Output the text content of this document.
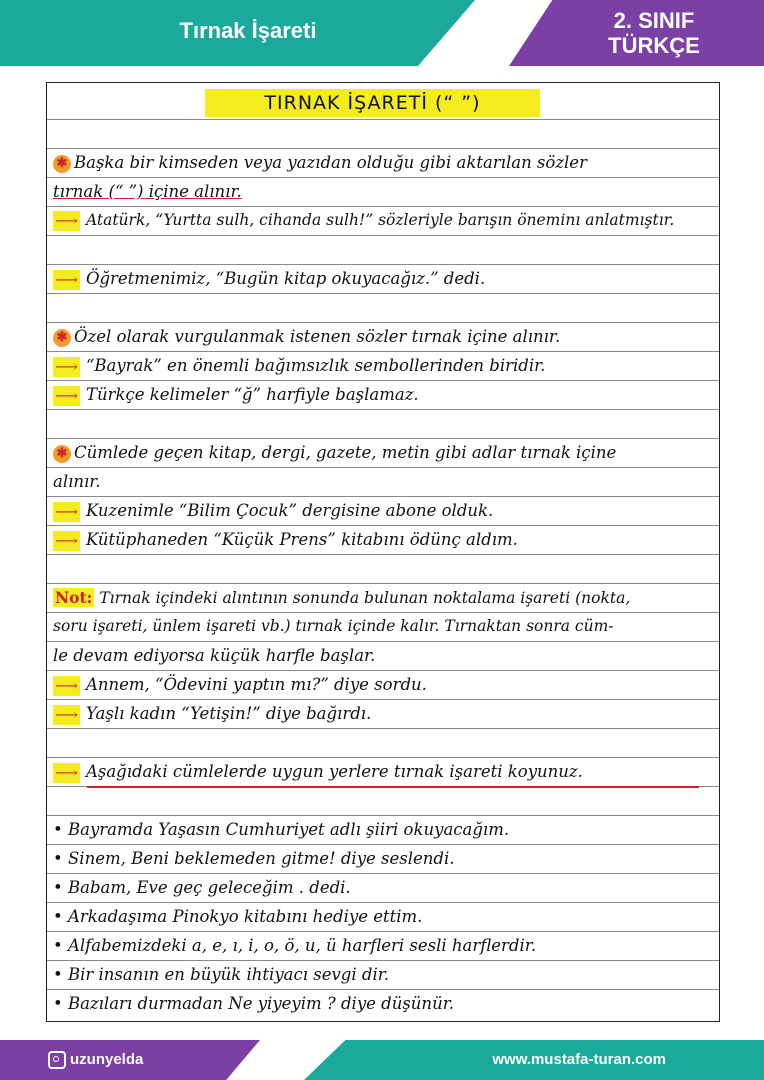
Tırnak İşareti	2. SINIF
TÜRKÇE
TIRNAK İŞARETİ (“ ”)
✱ Başka bir kimseden veya yazıdan olduğu gibi aktarılan sözler
tırnak (“ ”) içine alınır.
⟶ Atatürk, “Yurtta sulh, cihanda sulh!” sözleriyle barışın öneminı anlatmıştır.
⟶ Öğretmenimiz, “Bugün kitap okuyacağız.” dedi.
✱ Özel olarak vurgulanmak istenen sözler tırnak içine alınır.
⟶ “Bayrak” en önemli bağımsızlık sembollerinden biridir.
⟶ Türkçe kelimeler “ğ” harfiyle başlamaz.
✱ Cümlede geçen kitap, dergi, gazete, metin gibi adlar tırnak içine
alınır.
⟶ Kuzenimle “Bilim Çocuk” dergisine abone olduk.
⟶ Kütüphaneden “Küçük Prens” kitabını ödünç aldım.
Not: Tırnak içindeki alıntının sonunda bulunan noktalama işareti (nokta,
soru işareti, ünlem işareti vb.) tırnak içinde kalır. Tırnaktan sonra cüm-
le devam ediyorsa küçük harfle başlar.
⟶ Annem, “Ödevini yaptın mı?” diye sordu.
⟶ Yaşlı kadın “Yetişin!” diye bağırdı.
⟶ Aşağıdaki cümlelerde uygun yerlere tırnak işareti koyunuz.
• Bayramda Yaşasın Cumhuriyet adlı şiiri okuyacağım.
• Sinem, Beni beklemeden gitme! diye seslendi.
• Babam, Eve geç geleceğim . dedi.
• Arkadaşıma Pinokyo kitabını hediye ettim.
• Alfabemizdeki a, e, ı, i, o, ö, u, ü harfleri sesli harflerdir.
• Bir insanın en büyük ihtiyacı sevgi dir.
• Bazıları durmadan Ne yiyeyim ? diye düşünür.
uzunyelda	www.mustafa-turan.com
